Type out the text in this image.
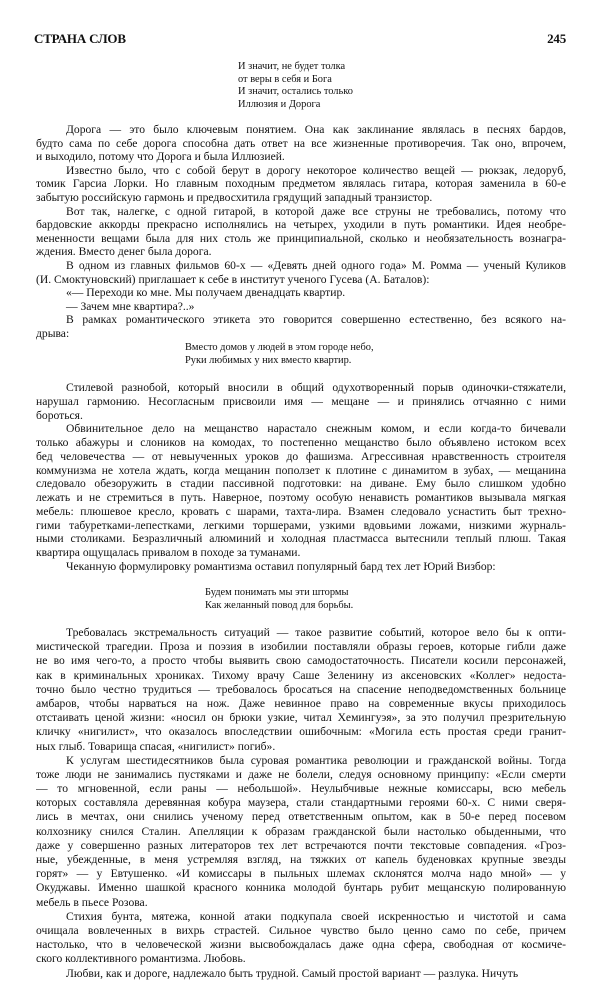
СТРАНА СЛОВ	245
И значит, не будет толка
от веры в себя и Бога
И значит, остались только
Иллюзия и Дорога
Дорога — это было ключевым понятием. Она как заклинание являлась в песнях бардов,
будто сама по себе дорога способна дать ответ на все жизненные противоречия. Так оно, впрочем,
и выходило, потому что Дорога и была Иллюзией.
Известно было, что с собой берут в дорогу некоторое количество вещей — рюкзак, ледоруб,
томик Гарсиа Лорки. Но главным походным предметом являлась гитара, которая заменила в 60-е
забытую российскую гармонь и предвосхитила грядущий западный транзистор.
Вот так, налегке, с одной гитарой, в которой даже все струны не требовались, потому что
бардовские аккорды прекрасно исполнялись на четырех, уходили в путь романтики. Идея необре-
мененности вещами была для них столь же принципиальной, сколько и необязательность вознагра-
ждения. Вместо денег была дорога.
В одном из главных фильмов 60-х — «Девять дней одного года» М. Ромма — ученый Куликов
(И. Смоктуновский) приглашает к себе в институт ученого Гусева (А. Баталов):
«— Переходи ко мне. Мы получаем двенадцать квартир.
— Зачем мне квартира?..»
В рамках романтического этикета это говорится совершенно естественно, без всякого на-
дрыва:
Вместо домов у людей в этом городе небо,
Руки любимых у них вместо квартир.
Стилевой разнобой, который вносили в общий одухотворенный порыв одиночки-стяжатели,
нарушал гармонию. Несогласным присвоили имя — мещане — и принялись отчаянно с ними
бороться.
Обвинительное дело на мещанство нарастало снежным комом, и если когда-то бичевали
только абажуры и слоников на комодах, то постепенно мещанство было объявлено истоком всех
бед человечества — от невыученных уроков до фашизма. Агрессивная нравственность строителя
коммунизма не хотела ждать, когда мещанин поползет к плотине с динамитом в зубах, — мещанина
следовало обезоружить в стадии пассивной подготовки: на диване. Ему было слишком удобно
лежать и не стремиться в путь. Наверное, поэтому особую ненависть романтиков вызывала мягкая
мебель: плюшевое кресло, кровать с шарами, тахта-лира. Взамен следовало уснастить быт трехно-
гими табуретками-лепестками, легкими торшерами, узкими вдовьими ложами, низкими журналь-
ными столиками. Безразличный алюминий и холодная пластмасса вытеснили теплый плюш. Такая
квартира ощущалась привалом в походе за туманами.
Чеканную формулировку романтизма оставил популярный бард тех лет Юрий Визбор:
Будем понимать мы эти штормы
Как желанный повод для борьбы.
Требовалась экстремальность ситуаций — такое развитие событий, которое вело бы к опти-
мистической трагедии. Проза и поэзия в изобилии поставляли образы героев, которые гибли даже
не во имя чего-то, а просто чтобы выявить свою самодостаточность. Писатели косили персонажей,
как в криминальных хрониках. Тихому врачу Саше Зеленину из аксеновских «Коллег» недоста-
точно было честно трудиться — требовалось бросаться на спасение неподведомственных больнице
амбаров, чтобы нарваться на нож. Даже невинное право на современные вкусы приходилось
отстаивать ценой жизни: «носил он брюки узкие, читал Хемингуэя», за это получил презрительную
кличку «нигилист», что оказалось впоследствии ошибочным: «Могила есть простая среди гранит-
ных глыб. Товарища спасая, «нигилист» погиб».
К услугам шестидесятников была суровая романтика революции и гражданской войны. Тогда
тоже люди не занимались пустяками и даже не болели, следуя основному принципу: «Если смерти
— то мгновенной, если раны — небольшой». Неулыбчивые нежные комиссары, всю мебель
которых составляла деревянная кобура маузера, стали стандартными героями 60-х. С ними сверя-
лись в мечтах, они снились ученому перед ответственным опытом, как в 50-е перед посевом
колхознику снился Сталин. Апелляции к образам гражданской были настолько обыденными, что
даже у совершенно разных литераторов тех лет встречаются почти текстовые совпадения. «Гроз-
ные, убежденные, в меня устремляя взгляд, на тяжких от капель буденовках крупные звезды
горят» — у Евтушенко. «И комиссары в пыльных шлемах склонятся молча надо мной» — у
Окуджавы. Именно шашкой красного конника молодой бунтарь рубит мещанскую полированную
мебель в пьесе Розова.
Стихия бунта, мятежа, конной атаки подкупала своей искренностью и чистотой и сама
очищала вовлеченных в вихрь страстей. Сильное чувство было ценно само по себе, причем
настолько, что в человеческой жизни высвобождалась даже одна сфера, свободная от космиче-
ского коллективного романтизма. Любовь.
Любви, как и дороге, надлежало быть трудной. Самый простой вариант — разлука. Ничуть
